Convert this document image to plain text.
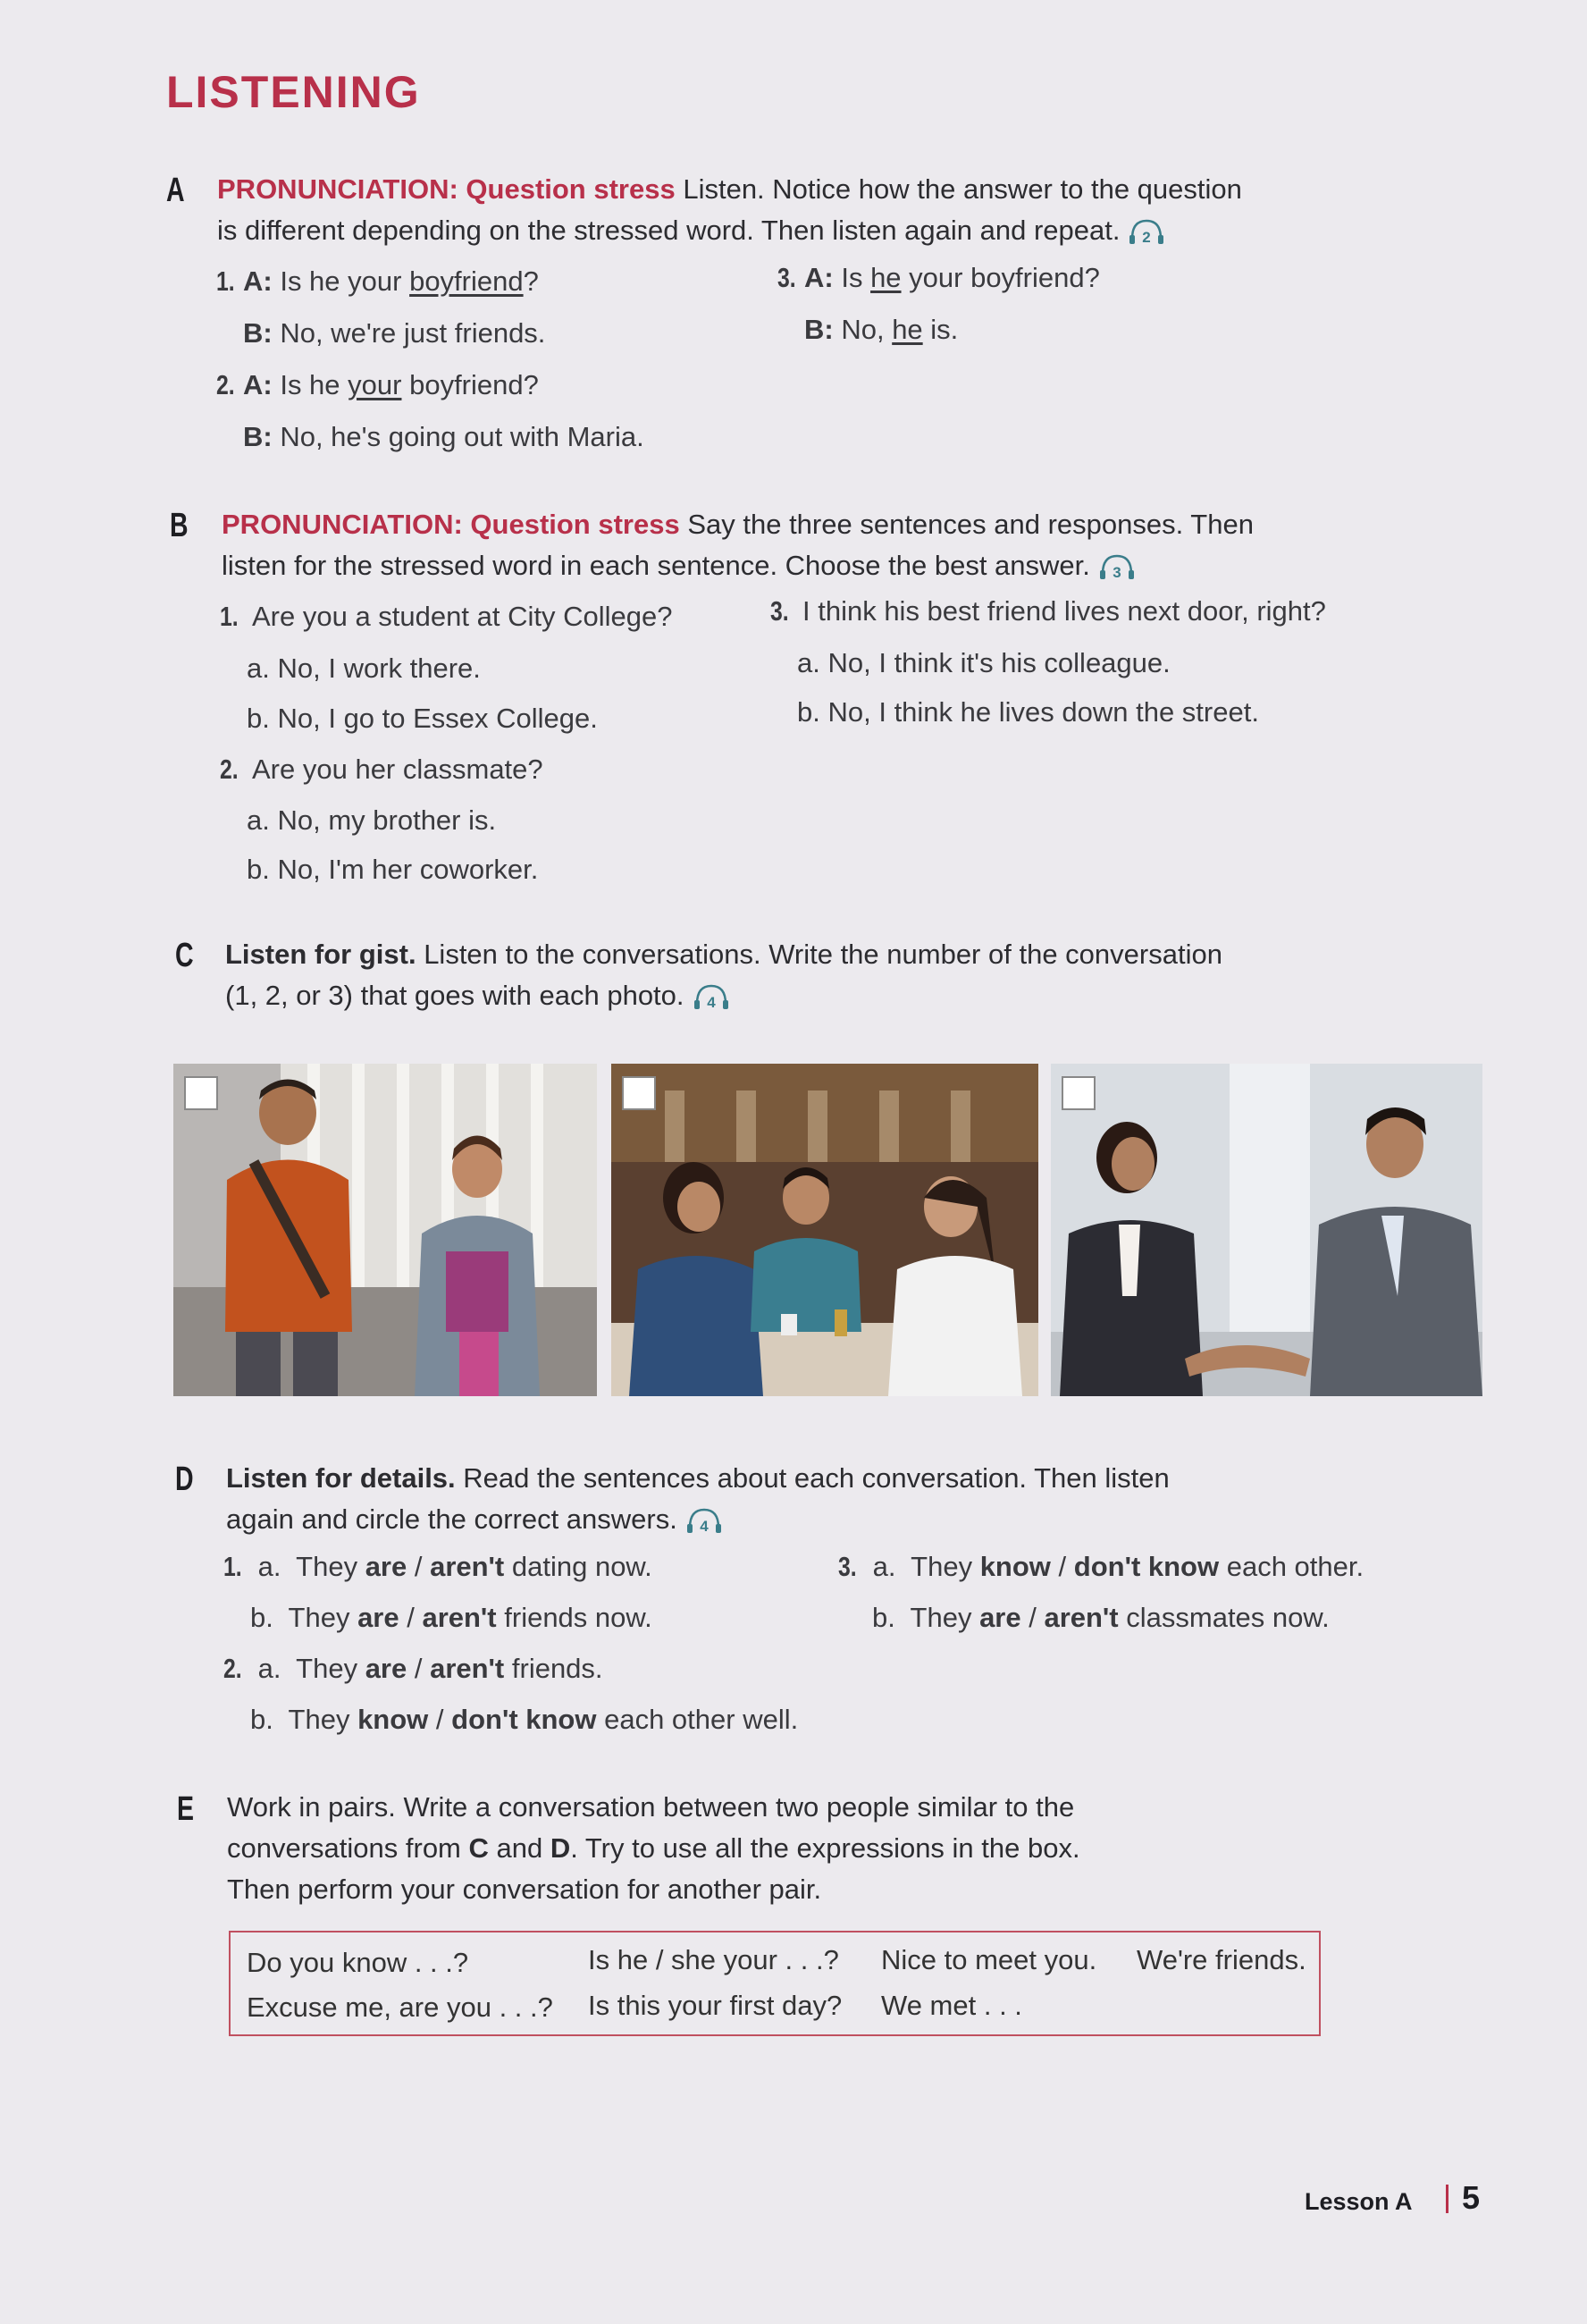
LISTENING
A PRONUNCIATION: Question stress Listen. Notice how the answer to the question
is different depending on the stressed word. Then listen again and repeat. 2
1. A: Is he your boyfriend?
B: No, we're just friends.
2. A: Is he your boyfriend?
B: No, he's going out with Maria.
3. A: Is he your boyfriend?
B: No, he is.
B PRONUNCIATION: Question stress Say the three sentences and responses. Then
listen for the stressed word in each sentence. Choose the best answer. 3
1. Are you a student at City College?
a. No, I work there.
b. No, I go to Essex College.
2. Are you her classmate?
a. No, my brother is.
b. No, I'm her coworker.
3. I think his best friend lives next door, right?
a. No, I think it's his colleague.
b. No, I think he lives down the street.
C Listen for gist. Listen to the conversations. Write the number of the conversation
(1, 2, or 3) that goes with each photo. 4
D Listen for details. Read the sentences about each conversation. Then listen
again and circle the correct answers. 4
1. a. They are / aren't dating now.
b. They are / aren't friends now.
2. a. They are / aren't friends.
b. They know / don't know each other well.
3. a. They know / don't know each other.
b. They are / aren't classmates now.
E Work in pairs. Write a conversation between two people similar to the
conversations from C and D. Try to use all the expressions in the box.
Then perform your conversation for another pair.
Do you know . . .?	Is he / she your . . .? Nice to meet you. We're friends.
Excuse me, are you . . .? Is this your first day? We met . . .
Lesson A 5
